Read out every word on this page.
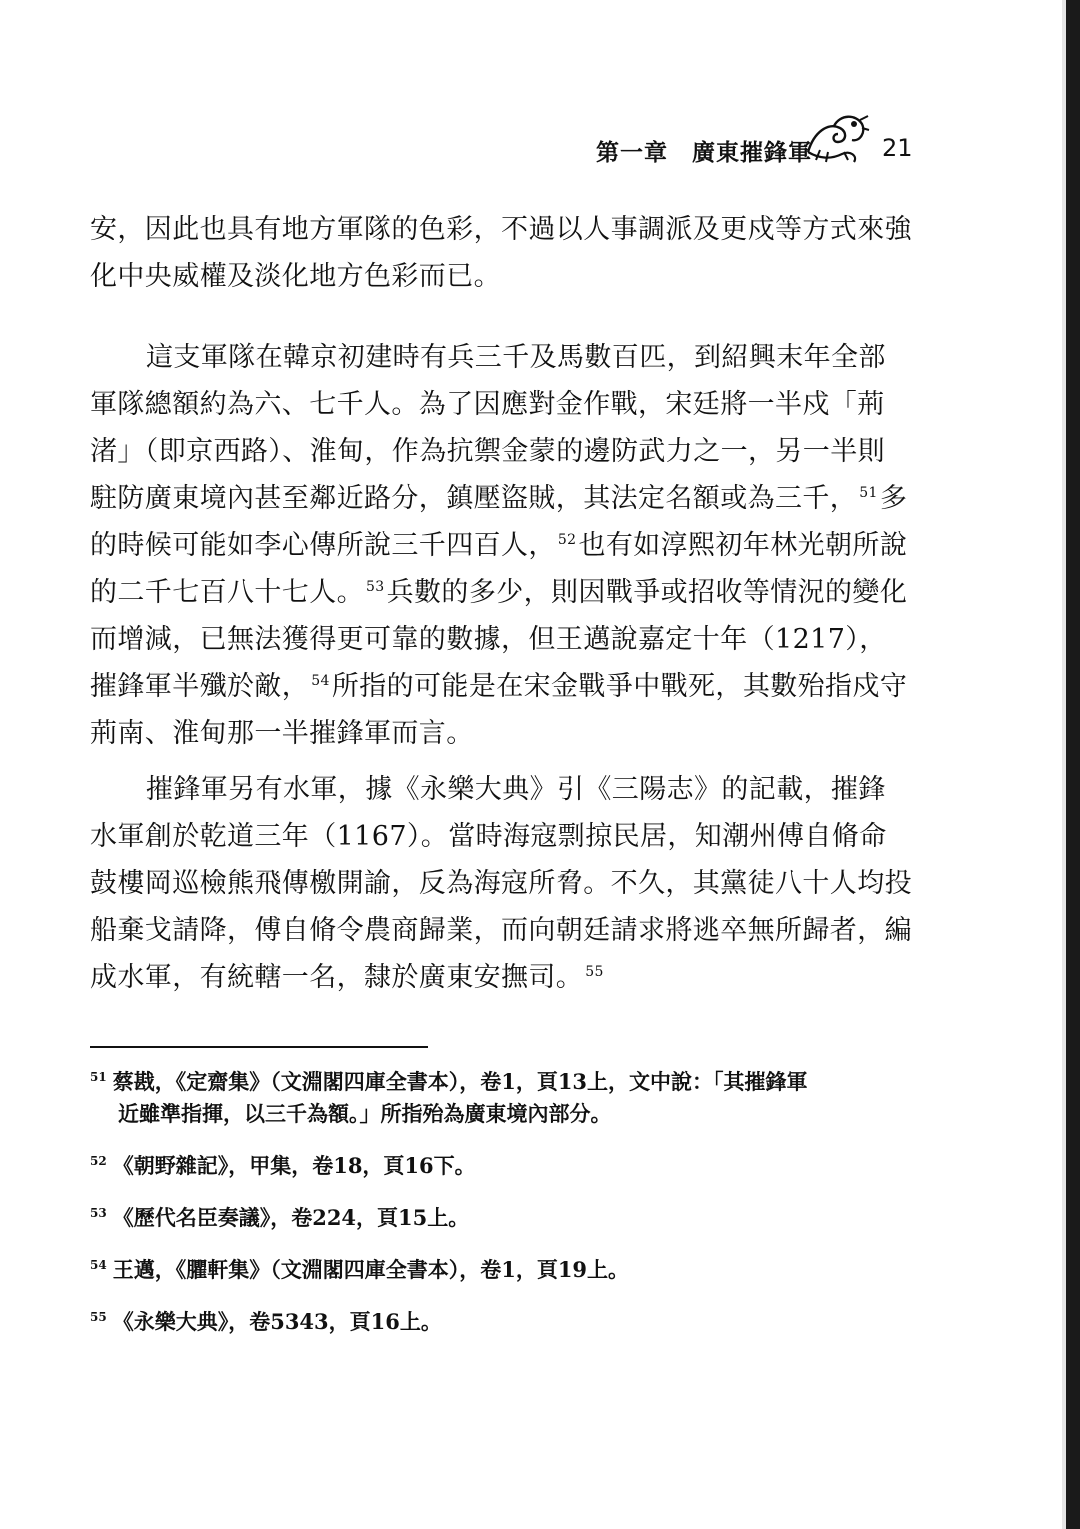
第一章　廣東摧鋒軍	21

安，因此也具有地方軍隊的色彩，不過以人事調派及更戍等方式來強化中央威權及淡化地方色彩而已。

這支軍隊在韓京初建時有兵三千及馬數百匹，到紹興末年全部軍隊總額約為六、七千人。為了因應對金作戰，宋廷將一半戍「荊渚」（即京西路）、淮甸，作為抗禦金蒙的邊防武力之一，另一半則駐防廣東境內甚至鄰近路分，鎮壓盜賊，其法定名額或為三千， $^{51}$多的時候可能如李心傳所說三千四百人， $^{52}$也有如淳熙初年林光朝所說的二千七百八十七人。 $^{53}$兵數的多少，則因戰爭或招收等情況的變化而增減，已無法獲得更可靠的數據，但王邁說嘉定十年（1217），摧鋒軍半殲於敵， $^{54}$所指的可能是在宋金戰爭中戰死，其數殆指戍守荊南、淮甸那一半摧鋒軍而言。

摧鋒軍另有水軍，據《永樂大典》引《三陽志》的記載，摧鋒水軍創於乾道三年（1167）。當時海寇剽掠民居，知潮州傅自脩命鼓樓岡巡檢熊飛傳檄開諭，反為海寇所脅。不久，其黨徒八十人均投船棄戈請降，傅自脩令農商歸業，而向朝廷請求將逃卒無所歸者，編成水軍，有統轄一名，隸於廣東安撫司。 $^{55}$

$^{51}$ 蔡戡，《定齋集》（文淵閣四庫全書本），卷1，頁13上，文中說：「其摧鋒軍
近雖準指揮，以三千為額。」所指殆為廣東境內部分。

$^{52}$ 《朝野雜記》，甲集，卷18，頁16下。

$^{53}$ 《歷代名臣奏議》，卷224，頁15上。

$^{54}$ 王邁，《臞軒集》（文淵閣四庫全書本），卷1，頁19上。

$^{55}$ 《永樂大典》，卷5343，頁16上。
